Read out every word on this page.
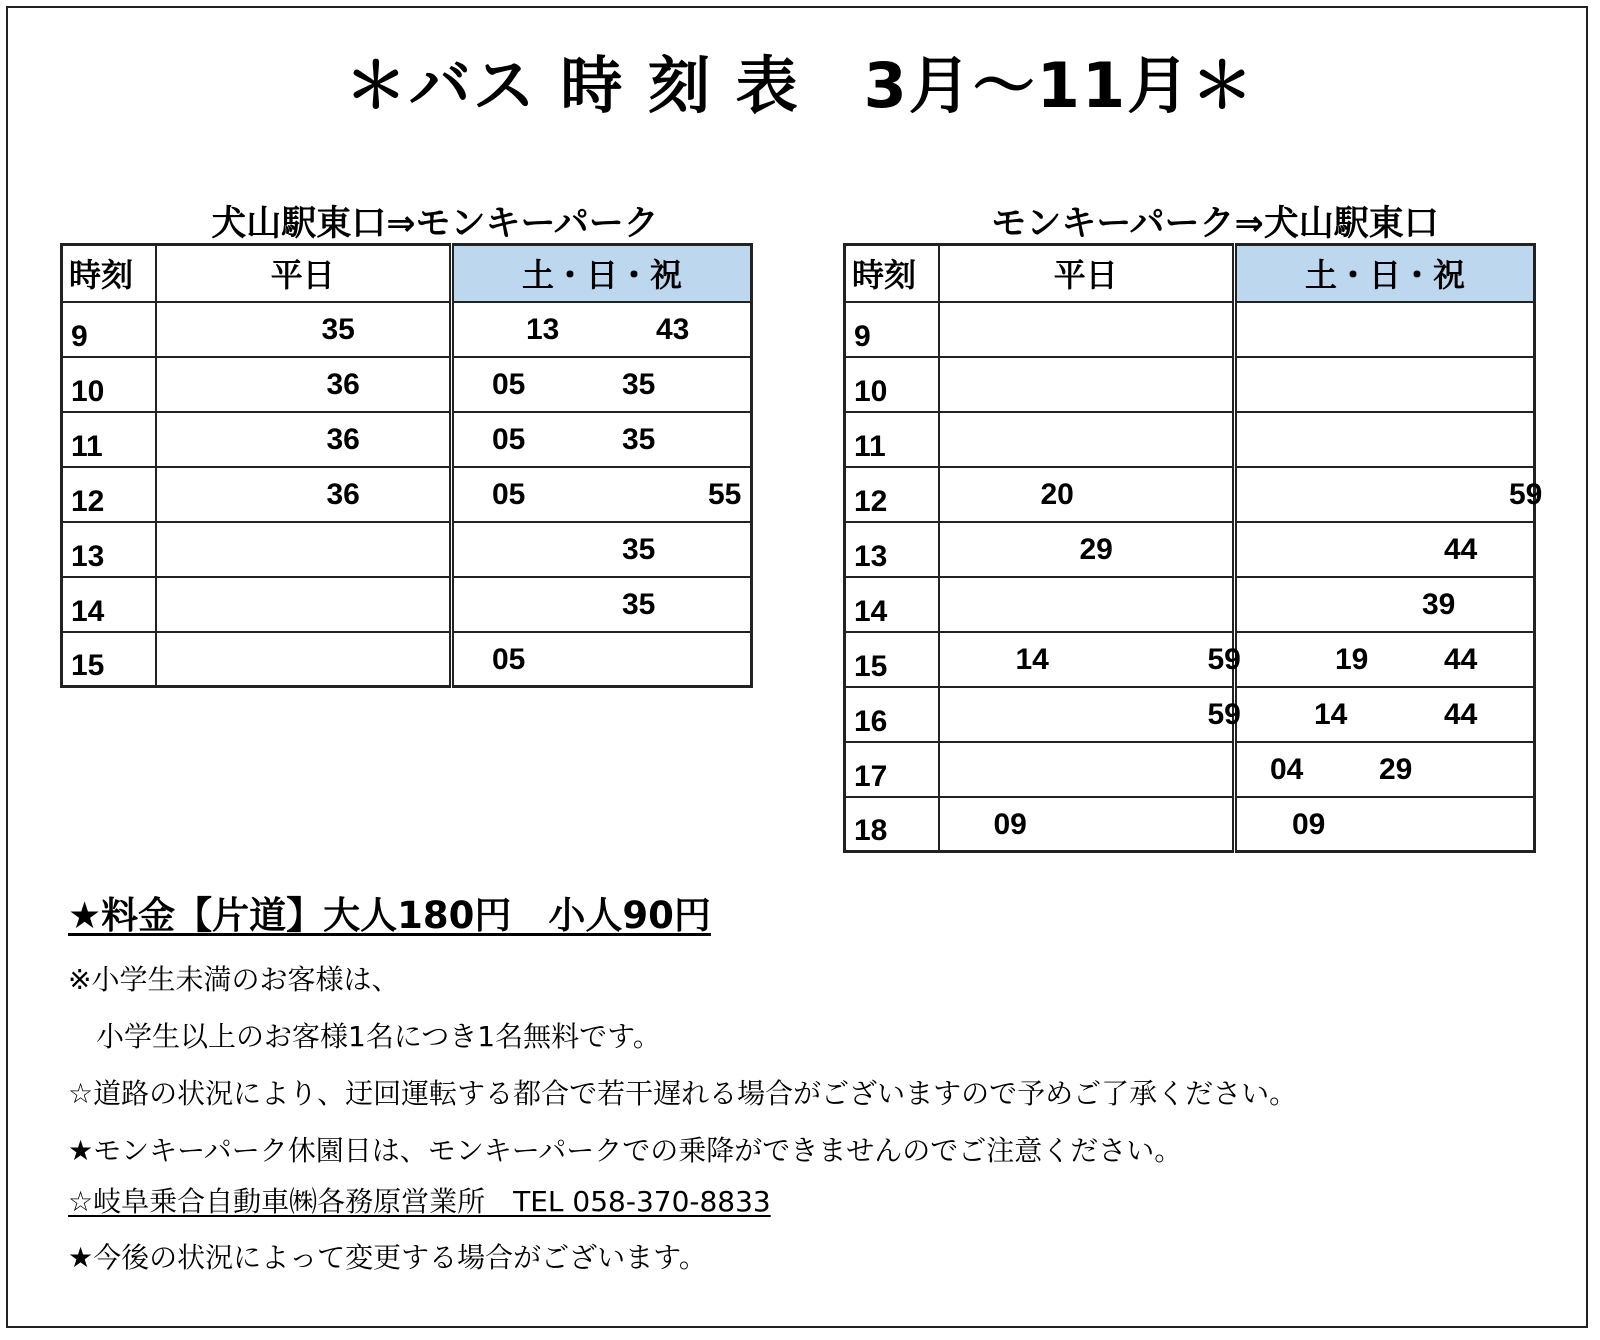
＊バス 時 刻 表　3月～11月＊
犬山駅東口⇒モンキーパーク	モンキーパーク⇒犬山駅東口
時刻	平日	土・日・祝
9	35	13 43

10	36	05 35

11	36	05 35

12	36	05 55

13		35

14		35

15		05
時刻	平日	土・日・祝
9		
10		
11		
12	20	59

13	29	44

14		39

15	14 59	19 44

16	59	14 44

17		04 29

18	09	09
★料金【片道】大人180円　小人90円
※小学生未満のお客様は、
　小学生以上のお客様1名につき1名無料です。
☆道路の状況により、迂回運転する都合で若干遅れる場合がございますので予めご了承ください。
★モンキーパーク休園日は、モンキーパークでの乗降ができませんのでご注意ください。
☆岐阜乗合自動車㈱各務原営業所　TEL 058-370-8833
★今後の状況によって変更する場合がございます。
